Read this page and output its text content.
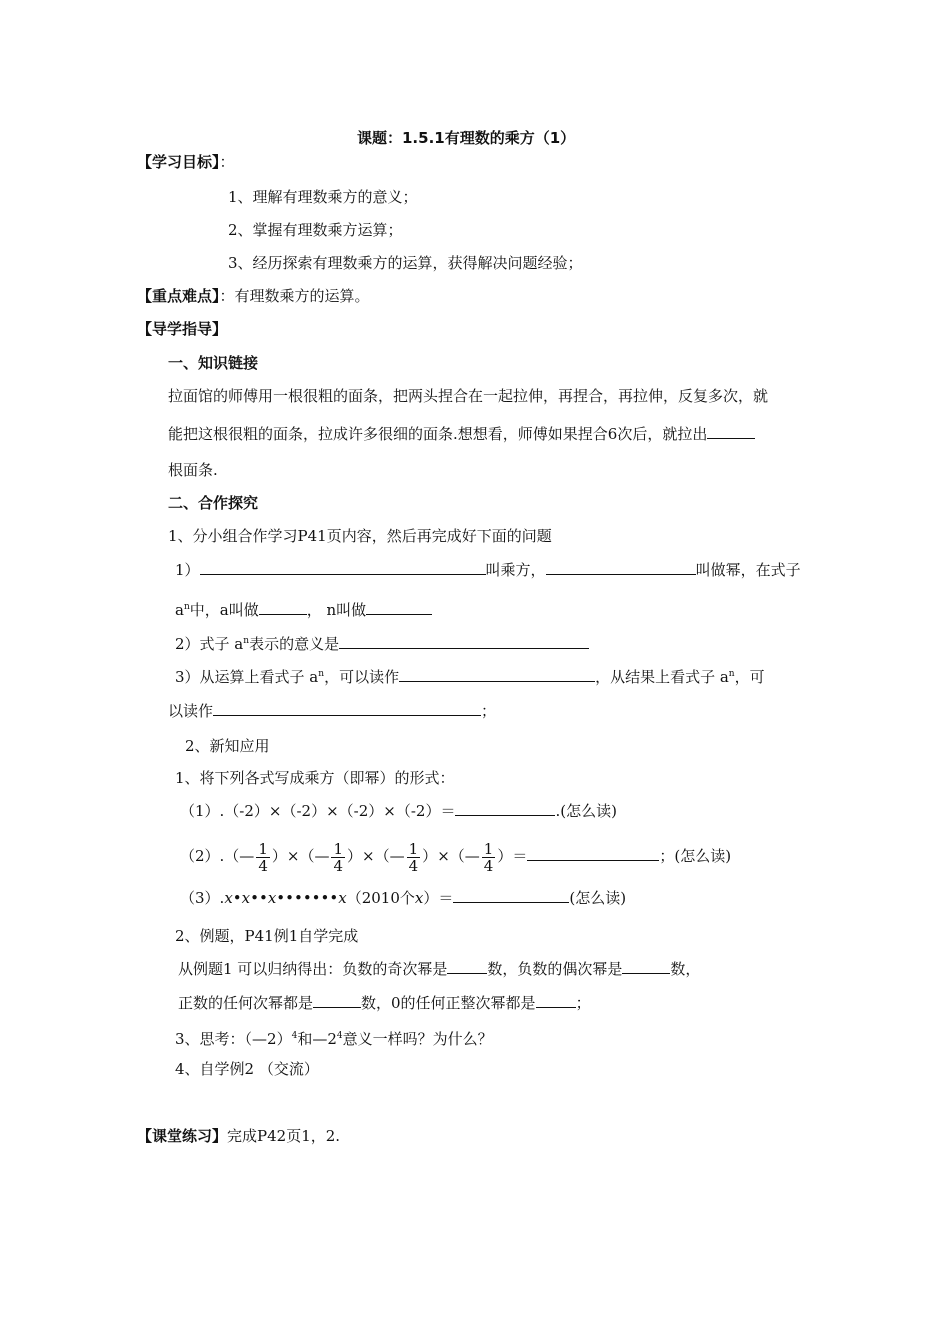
课题：1.5.1有理数的乘方（1）
【学习目标】：
1、理解有理数乘方的意义；
2、掌握有理数乘方运算；
3、经历探索有理数乘方的运算，获得解决问题经验；
【重点难点】：有理数乘方的运算。
【导学指导】
一、知识链接
拉面馆的师傅用一根很粗的面条，把两头捏合在一起拉伸，再捏合，再拉伸，反复多次，就
能把这根很粗的面条，拉成许多很细的面条.想想看，师傅如果捏合6次后，就拉出
根面条.
二、合作探究
1、分小组合作学习P41页内容，然后再完成好下面的问题
1）	叫乘方，	叫做幂，在式子
$a^n$中，a叫做	， n叫做
2）式子 $a^n$表示的意义是
3）从运算上看式子 $a^n$，可以读作	，从结果上看式子 $a^n$，可
以读作	；
2、新知应用
1、将下列各式写成乘方（即幂）的形式：
（1）.（-2）×（-2）×（-2）×（-2）＝	.(怎么读)
（2）.（— $\frac{1}{4}$ ）×（— $\frac{1}{4}$ ）×（— $\frac{1}{4}$ ）×（— $\frac{1}{4}$ ）＝	；(怎么读)
（3）.x•x••x•••••••x（2010个x）＝	(怎么读)
2、例题，P41例1自学完成
从例题1 可以归纳得出：负数的奇次幂是	数，负数的偶次幂是	数，
正数的任何次幂都是	数，0的任何正整次幂都是	；
3、思考：（—2）$^4$和$—2^4$意义一样吗？为什么？
4、自学例2 （交流）
【课堂练习】完成P42页1，2.
